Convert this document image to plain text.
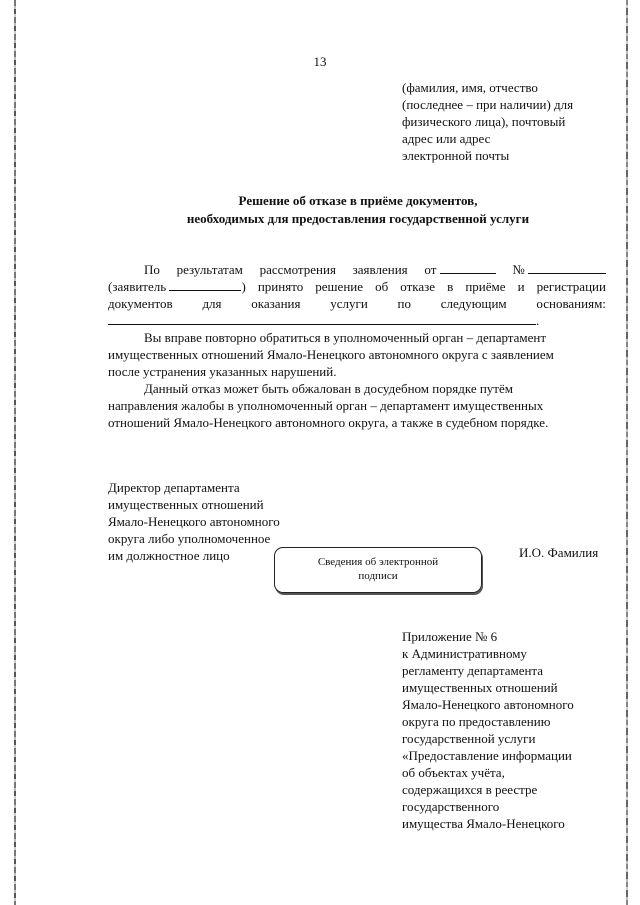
13
(фамилия, имя, отчество
(последнее – при наличии) для
физического лица), почтовый
адрес или адрес
электронной почты
Решение об отказе в приёме документов,
необходимых для предоставления государственной услуги
По результатам рассмотрения заявления от	№
(заявитель	) принято решение об отказе в приёме и регистрации
документов для оказания услуги по следующим основаниям:
.
Вы вправе повторно обратиться в уполномоченный орган – департамент
имущественных отношений Ямало-Ненецкого автономного округа с заявлением
после устранения указанных нарушений.
Данный отказ может быть обжалован в досудебном порядке путём
направления жалобы в уполномоченный орган – департамент имущественных
отношений Ямало-Ненецкого автономного округа, а также в судебном порядке.
Директор департамента
имущественных отношений
Ямало-Ненецкого автономного
округа либо уполномоченное
им должностное лицо	Сведения об электронной
подписи
И.О. Фамилия
Приложение № 6
к Административному
регламенту департамента
имущественных отношений
Ямало-Ненецкого автономного
округа по предоставлению
государственной услуги
«Предоставление информации
об объектах учёта,
содержащихся в реестре
государственного
имущества Ямало-Ненецкого
